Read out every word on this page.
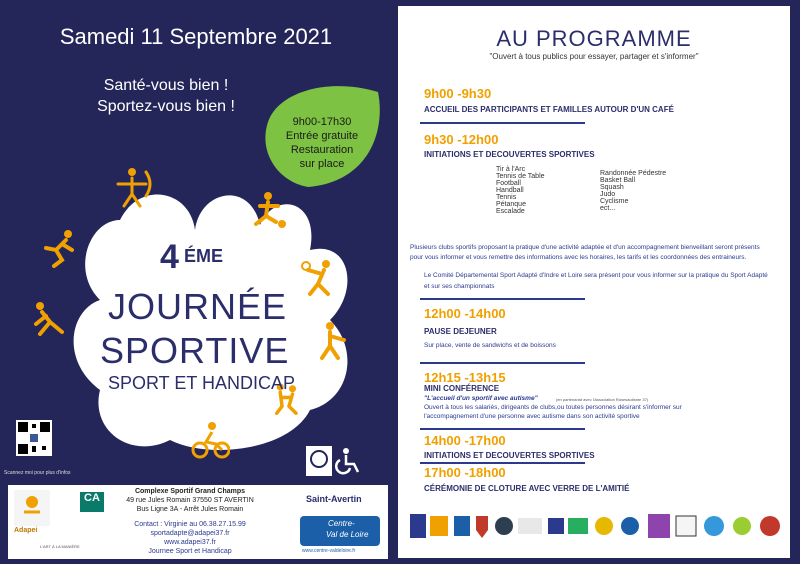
Samedi 11 Septembre 2021
Santé-vous bien !
Sportez-vous bien !
9h00-17h30
Entrée gratuite
Restauration
sur place
4 ÉME
JOURNÉE
SPORTIVE
SPORT ET HANDICAP
Scannez moi pour plus d'infos
Adapei
CA
L'ART À LA MANIÈRE
Complexe Sportif Grand Champs
49 rue Jules Romain 37550 ST AVERTIN
Bus Ligne 3A - Arrêt Jules Romain
Contact : Virginie au 06.38.27.15.99
sportadapte@adapei37.fr
www.adapei37.fr
Journee Sport et Handicap
Saint-Avertin
Centre-
Val de Loire
www.centre-valdeloire.fr
AU PROGRAMME
"Ouvert à tous publics pour essayer, partager et s'informer"
9h00 -9h30
ACCUEIL DES PARTICIPANTS ET FAMILLES AUTOUR D'UN CAFÉ
9h30 -12h00
INITIATIONS ET DECOUVERTES SPORTIVES
Tir à l'Arc
Tennis de Table
Football
Handball
Tennis
Pétanque
Escalade
Randonnée Pédestre
Basket Ball
Squash
Judo
Cyclisme
ect...
Plusieurs clubs sportifs proposant la pratique d'une activité adaptée et d'un accompagnement bienveillant seront présents
pour vous informer et vous remettre des informations avec les horaires, les tarifs et les coordonnées des entraineurs.
Le Comité Départemental Sport Adapté d'Indre et Loire sera présent pour vous informer sur la pratique du Sport Adapté
et sur ses championnats
12h00 -14h00
PAUSE DEJEUNER
Sur place, vente de sandwichs et de boissons
12h15 -13h15
MINI CONFÉRENCE
"L'accueil d'un sportif avec autisme"	(en partenariat avec l'Association Rosesautisme 37)
Ouvert à tous les salariés, dirigeants de clubs,ou toutes personnes désirant s'informer sur
l'accompagnement d'une personne avec autisme dans son activité sportive
14h00 -17h00
INITIATIONS ET DECOUVERTES SPORTIVES
17h00 -18h00
CÉRÉMONIE DE CLOTURE AVEC VERRE DE L'AMITIÉ
